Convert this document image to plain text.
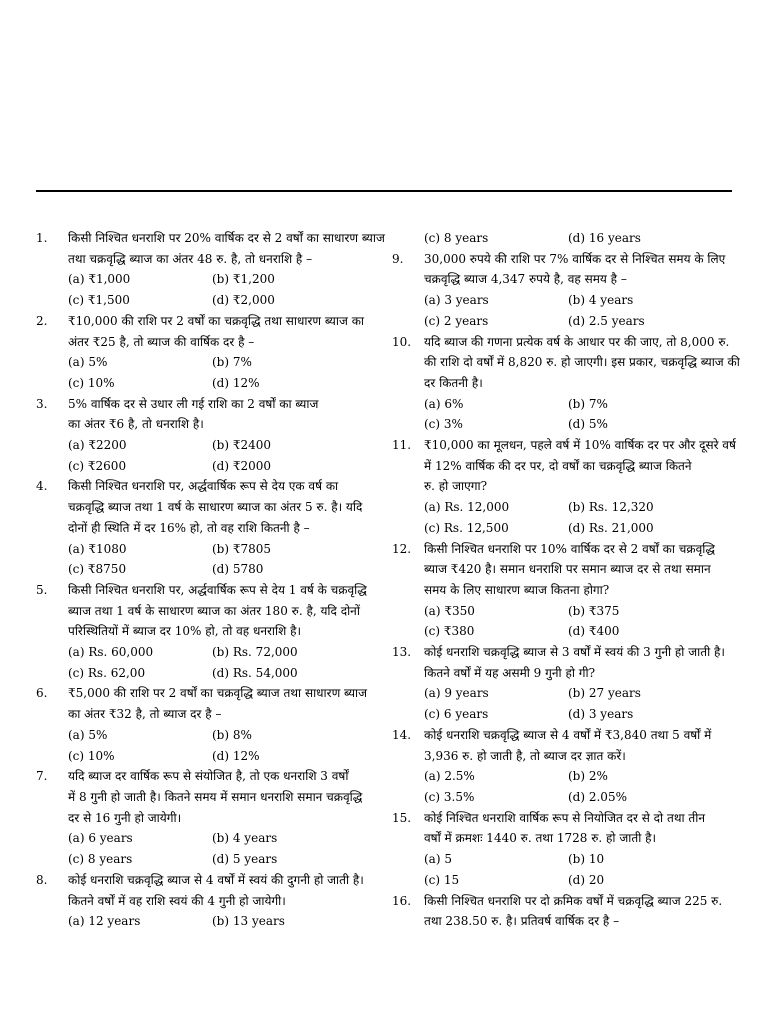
1. किसी निश्चित धनराशि पर 20% वार्षिक दर से 2 वर्षों का साधारण ब्याज
तथा चक्रवृद्धि ब्याज का अंतर 48 रु. है, तो धनराशि है –
(a) ₹1,000	(b) ₹1,200
(c) ₹1,500	(d) ₹2,000
2. ₹10,000 की राशि पर 2 वर्षों का चक्रवृद्धि तथा साधारण ब्याज का
अंतर ₹25 है, तो ब्याज की वार्षिक दर है –
(a) 5%	(b) 7%
(c) 10%	(d) 12%
3. 5% वार्षिक दर से उधार ली गई राशि का 2 वर्षों का ब्याज
का अंतर ₹6 है, तो धनराशि है।
(a) ₹2200	(b) ₹2400
(c) ₹2600	(d) ₹2000
4. किसी निश्चित धनराशि पर, अर्द्धवार्षिक रूप से देय एक वर्ष का
चक्रवृद्धि ब्याज तथा 1 वर्ष के साधारण ब्याज का अंतर 5 रु. है। यदि
दोनों ही स्थिति में दर 16% हो, तो वह राशि कितनी है –
(a) ₹1080	(b) ₹7805
(c) ₹8750	(d) 5780
5. किसी निश्चित धनराशि पर, अर्द्धवार्षिक रूप से देय 1 वर्ष के चक्रवृद्धि
ब्याज तथा 1 वर्ष के साधारण ब्याज का अंतर 180 रु. है, यदि दोनों
परिस्थितियों में ब्याज दर 10% हो, तो वह धनराशि है।
(a) Rs. 60,000	(b) Rs. 72,000
(c) Rs. 62,00	(d) Rs. 54,000
6. ₹5,000 की राशि पर 2 वर्षों का चक्रवृद्धि ब्याज तथा साधारण ब्याज
का अंतर ₹32 है, तो ब्याज दर है –
(a) 5%	(b) 8%
(c) 10%	(d) 12%
7. यदि ब्याज दर वार्षिक रूप से संयोजित है, तो एक धनराशि 3 वर्षों
में 8 गुनी हो जाती है। कितने समय में समान धनराशि समान चक्रवृद्धि
दर से 16 गुनी हो जायेगी।
(a) 6 years	(b) 4 years
(c) 8 years	(d) 5 years
8. कोई धनराशि चक्रवृद्धि ब्याज से 4 वर्षों में स्वयं की दुगनी हो जाती है।
कितने वर्षों में वह राशि स्वयं की 4 गुनी हो जायेगी।
(a) 12 years	(b) 13 years
(c) 8 years	(d) 16 years
9. 30,000 रुपये की राशि पर 7% वार्षिक दर से निश्चित समय के लिए
चक्रवृद्धि ब्याज 4,347 रुपये है, वह समय है –
(a) 3 years	(b) 4 years
(c) 2 years	(d) 2.5 years
10. यदि ब्याज की गणना प्रत्येक वर्ष के आधार पर की जाए, तो 8,000 रु.
की राशि दो वर्षों में 8,820 रु. हो जाएगी। इस प्रकार, चक्रवृद्धि ब्याज की
दर कितनी है।
(a) 6%	(b) 7%
(c) 3%	(d) 5%
11. ₹10,000 का मूलधन, पहले वर्ष में 10% वार्षिक दर पर और दूसरे वर्ष
में 12% वार्षिक की दर पर, दो वर्षों का चक्रवृद्धि ब्याज कितने
रु. हो जाएगा?
(a) Rs. 12,000	(b) Rs. 12,320
(c) Rs. 12,500	(d) Rs. 21,000
12. किसी निश्चित धनराशि पर 10% वार्षिक दर से 2 वर्षों का चक्रवृद्धि
ब्याज ₹420 है। समान धनराशि पर समान ब्याज दर से तथा समान
समय के लिए साधारण ब्याज कितना होगा?
(a) ₹350	(b) ₹375
(c) ₹380	(d) ₹400
13. कोई धनराशि चक्रवृद्धि ब्याज से 3 वर्षों में स्वयं की 3 गुनी हो जाती है।
कितने वर्षों में यह असमी 9 गुनी हो गी?
(a) 9 years	(b) 27 years
(c) 6 years	(d) 3 years
14. कोई धनराशि चक्रवृद्धि ब्याज से 4 वर्षों में ₹3,840 तथा 5 वर्षों में
3,936 रु. हो जाती है, तो ब्याज दर ज्ञात करें।
(a) 2.5%	(b) 2%
(c) 3.5%	(d) 2.05%
15. कोई निश्चित धनराशि वार्षिक रूप से नियोजित दर से दो तथा तीन
वर्षों में क्रमशः 1440 रु. तथा 1728 रु. हो जाती है।
(a) 5	(b) 10
(c) 15	(d) 20
16. किसी निश्चित धनराशि पर दो क्रमिक वर्षों में चक्रवृद्धि ब्याज 225 रु.
तथा 238.50 रु. है। प्रतिवर्ष वार्षिक दर है –
